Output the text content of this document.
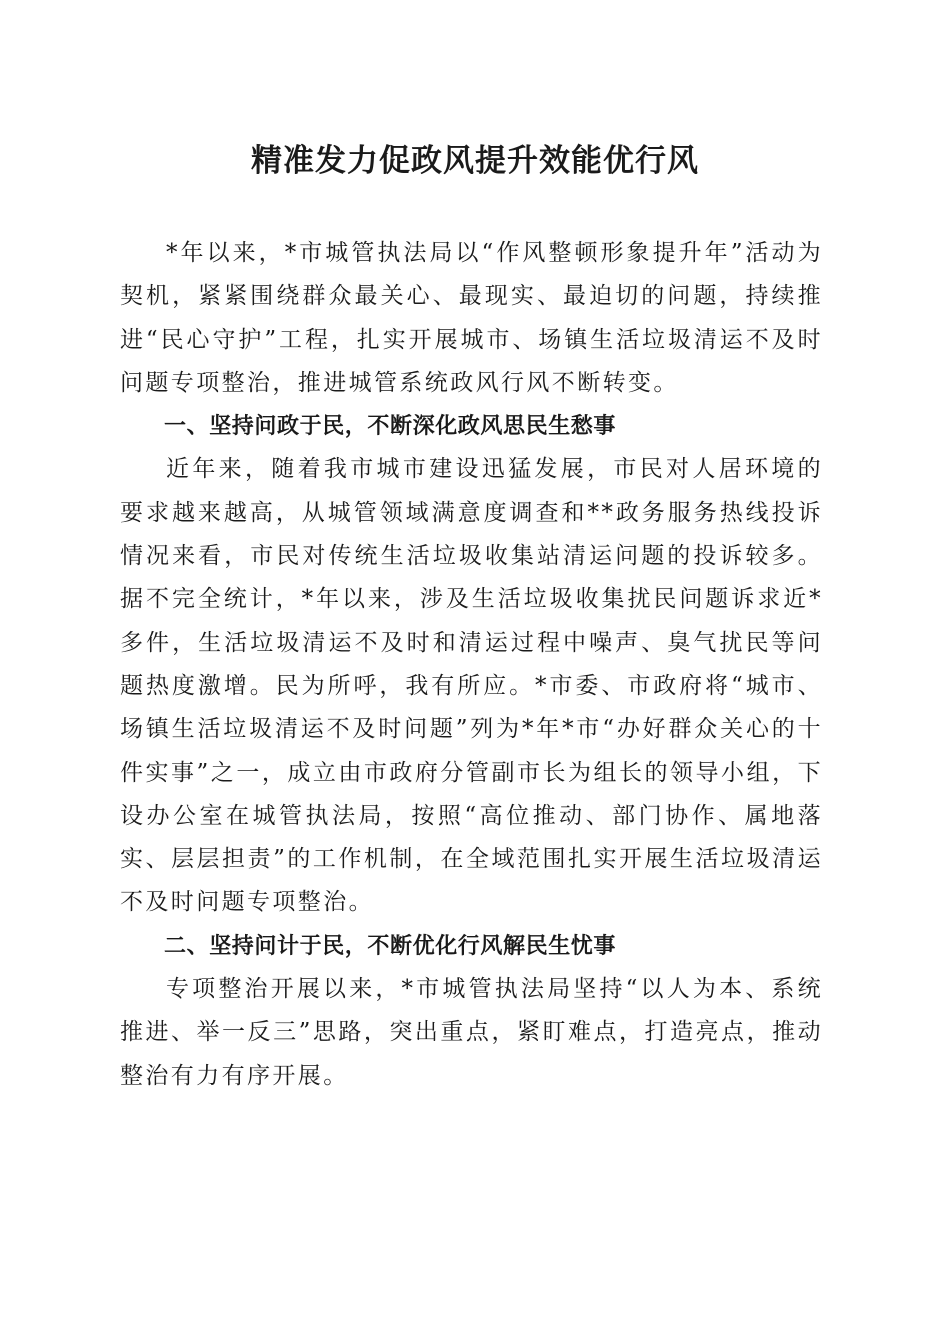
精准发力促政风提升效能优行风

*年以来，*市城管执法局以“作风整顿形象提升年”活动为契机，紧紧围绕群众最关心、最现实、最迫切的问题，持续推进“民心守护”工程，扎实开展城市、场镇生活垃圾清运不及时问题专项整治，推进城管系统政风行风不断转变。

一、坚持问政于民，不断深化政风思民生愁事

近年来，随着我市城市建设迅猛发展，市民对人居环境的要求越来越高，从城管领域满意度调查和**政务服务热线投诉情况来看，市民对传统生活垃圾收集站清运问题的投诉较多。据不完全统计，*年以来，涉及生活垃圾收集扰民问题诉求近*多件，生活垃圾清运不及时和清运过程中噪声、臭气扰民等问题热度激增。民为所呼，我有所应。*市委、市政府将“城市、场镇生活垃圾清运不及时问题”列为*年*市“办好群众关心的十件实事”之一，成立由市政府分管副市长为组长的领导小组，下设办公室在城管执法局，按照“高位推动、部门协作、属地落实、层层担责”的工作机制，在全域范围扎实开展生活垃圾清运不及时问题专项整治。

二、坚持问计于民，不断优化行风解民生忧事

专项整治开展以来，*市城管执法局坚持“以人为本、系统推进、举一反三”思路，突出重点，紧盯难点，打造亮点，推动整治有力有序开展。
